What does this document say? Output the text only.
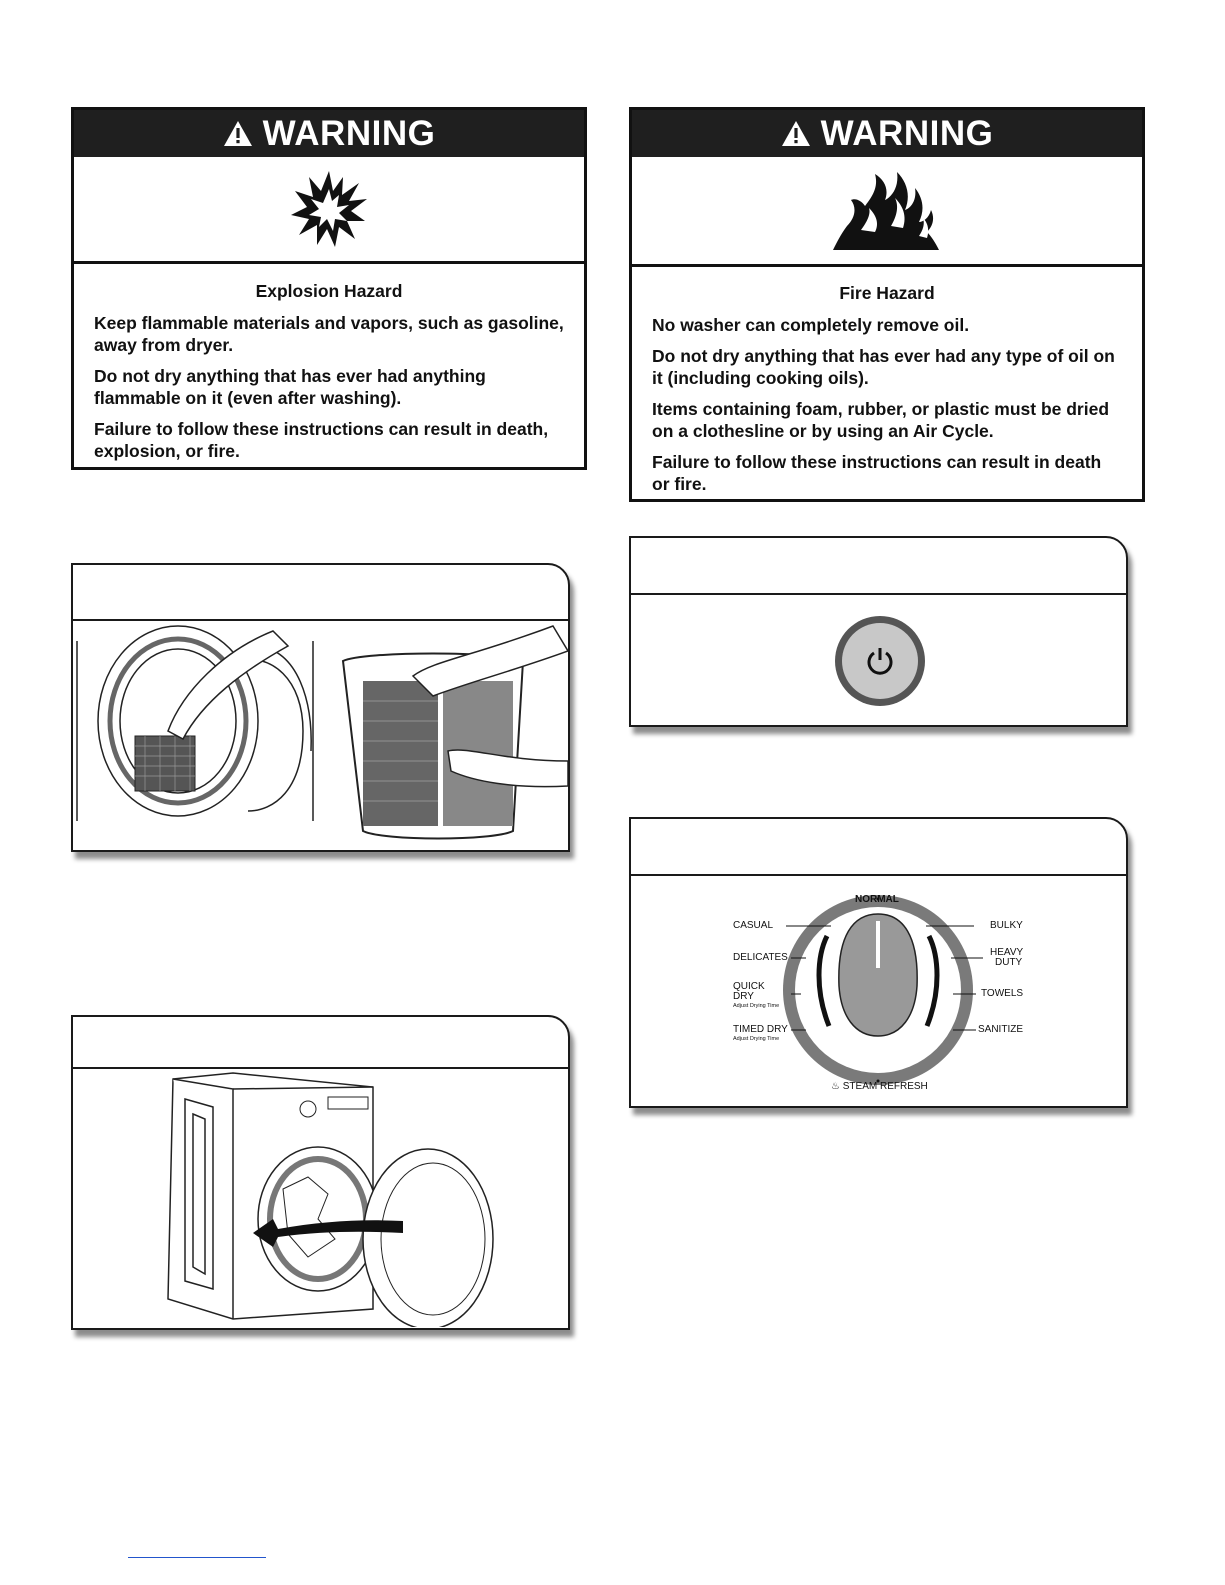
WARNING
Explosion Hazard

Keep flammable materials and vapors, such as gasoline, away from dryer.

Do not dry anything that has ever had anything flammable on it (even after washing).

Failure to follow these instructions can result in death, explosion, or fire.

WARNING
Fire Hazard

No washer can completely remove oil.

Do not dry anything that has ever had any type of oil on it (including cooking oils).

Items containing foam, rubber, or plastic must be dried on a clothesline or by using an Air Cycle.

Failure to follow these instructions can result in death or fire.

NORMAL
CASUAL
DELICATES
QUICK
DRY
Adjust Drying Time
TIMED DRY
Adjust Drying Time
BULKY
HEAVY
DUTY
TOWELS
SANITIZE
♨ STEAM REFRESH
